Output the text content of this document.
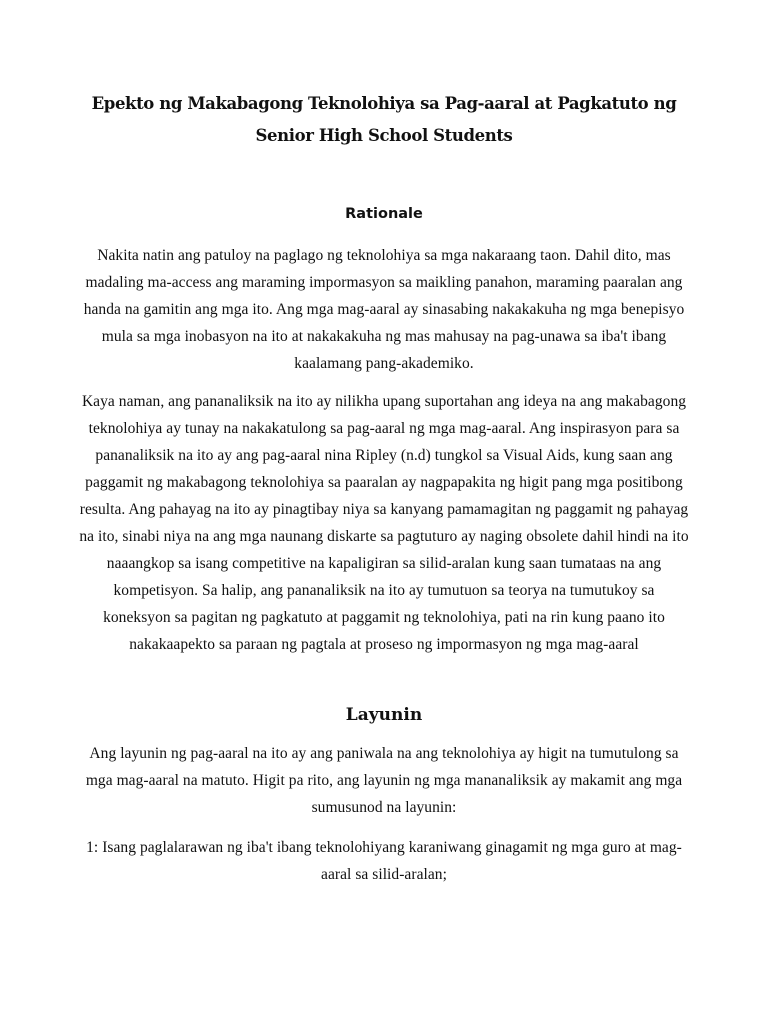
Epekto ng Makabagong Teknolohiya sa Pag-aaral at Pagkatuto ng Senior High School Students
Rationale

Nakita natin ang patuloy na paglago ng teknolohiya sa mga nakaraang taon. Dahil dito, mas madaling ma-access ang maraming impormasyon sa maikling panahon, maraming paaralan ang handa na gamitin ang mga ito. Ang mga mag-aaral ay sinasabing nakakakuha ng mga benepisyo mula sa mga inobasyon na ito at nakakakuha ng mas mahusay na pag-unawa sa iba't ibang kaalamang pang-akademiko.

Kaya naman, ang pananaliksik na ito ay nilikha upang suportahan ang ideya na ang makabagong teknolohiya ay tunay na nakakatulong sa pag-aaral ng mga mag-aaral. Ang inspirasyon para sa pananaliksik na ito ay ang pag-aaral nina Ripley (n.d) tungkol sa Visual Aids, kung saan ang paggamit ng makabagong teknolohiya sa paaralan ay nagpapakita ng higit pang mga positibong resulta. Ang pahayag na ito ay pinagtibay niya sa kanyang pamamagitan ng paggamit ng pahayag na ito, sinabi niya na ang mga naunang diskarte sa pagtuturo ay naging obsolete dahil hindi na ito naaangkop sa isang competitive na kapaligiran sa silid-aralan kung saan tumataas na ang kompetisyon. Sa halip, ang pananaliksik na ito ay tumutuon sa teorya na tumutukoy sa koneksyon sa pagitan ng pagkatuto at paggamit ng teknolohiya, pati na rin kung paano ito nakakaapekto sa paraan ng pagtala at proseso ng impormasyon ng mga mag-aaral

Layunin

Ang layunin ng pag-aaral na ito ay ang paniwala na ang teknolohiya ay higit na tumutulong sa mga mag-aaral na matuto. Higit pa rito, ang layunin ng mga mananaliksik ay makamit ang mga sumusunod na layunin:

1: Isang paglalarawan ng iba't ibang teknolohiyang karaniwang ginagamit ng mga guro at mag-aaral sa silid-aralan;
